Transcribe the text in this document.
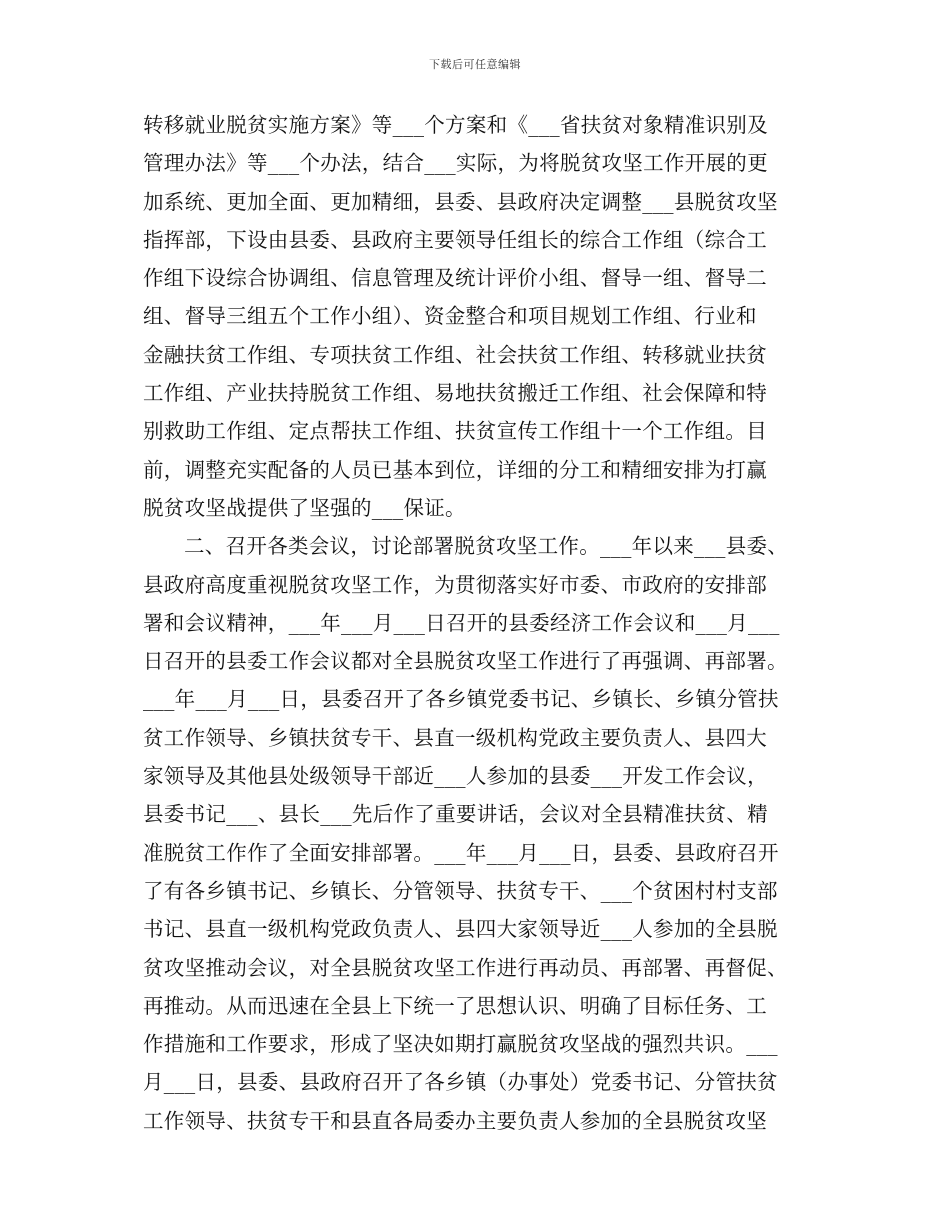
下载后可任意编辑
转移就业脱贫实施方案》等___个方案和《___省扶贫对象精准识别及
管理办法》等___个办法，结合___实际，为将脱贫攻坚工作开展的更
加系统、更加全面、更加精细，县委、县政府决定调整___县脱贫攻坚
指挥部，下设由县委、县政府主要领导任组长的综合工作组（综合工
作组下设综合协调组、信息管理及统计评价小组、督导一组、督导二
组、督导三组五个工作小组）、资金整合和项目规划工作组、行业和
金融扶贫工作组、专项扶贫工作组、社会扶贫工作组、转移就业扶贫
工作组、产业扶持脱贫工作组、易地扶贫搬迁工作组、社会保障和特
别救助工作组、定点帮扶工作组、扶贫宣传工作组十一个工作组。目
前，调整充实配备的人员已基本到位，详细的分工和精细安排为打赢
脱贫攻坚战提供了坚强的___保证。
二、召开各类会议，讨论部署脱贫攻坚工作。___年以来___县委、
县政府高度重视脱贫攻坚工作，为贯彻落实好市委、市政府的安排部
署和会议精神，___年___月___日召开的县委经济工作会议和___月___
日召开的县委工作会议都对全县脱贫攻坚工作进行了再强调、再部署。
___年___月___日，县委召开了各乡镇党委书记、乡镇长、乡镇分管扶
贫工作领导、乡镇扶贫专干、县直一级机构党政主要负责人、县四大
家领导及其他县处级领导干部近___人参加的县委___开发工作会议，
县委书记___、县长___先后作了重要讲话，会议对全县精准扶贫、精
准脱贫工作作了全面安排部署。___年___月___日，县委、县政府召开
了有各乡镇书记、乡镇长、分管领导、扶贫专干、___个贫困村村支部
书记、县直一级机构党政负责人、县四大家领导近___人参加的全县脱
贫攻坚推动会议，对全县脱贫攻坚工作进行再动员、再部署、再督促、
再推动。从而迅速在全县上下统一了思想认识、明确了目标任务、工
作措施和工作要求，形成了坚决如期打赢脱贫攻坚战的强烈共识。___
月___日，县委、县政府召开了各乡镇（办事处）党委书记、分管扶贫
工作领导、扶贫专干和县直各局委办主要负责人参加的全县脱贫攻坚
